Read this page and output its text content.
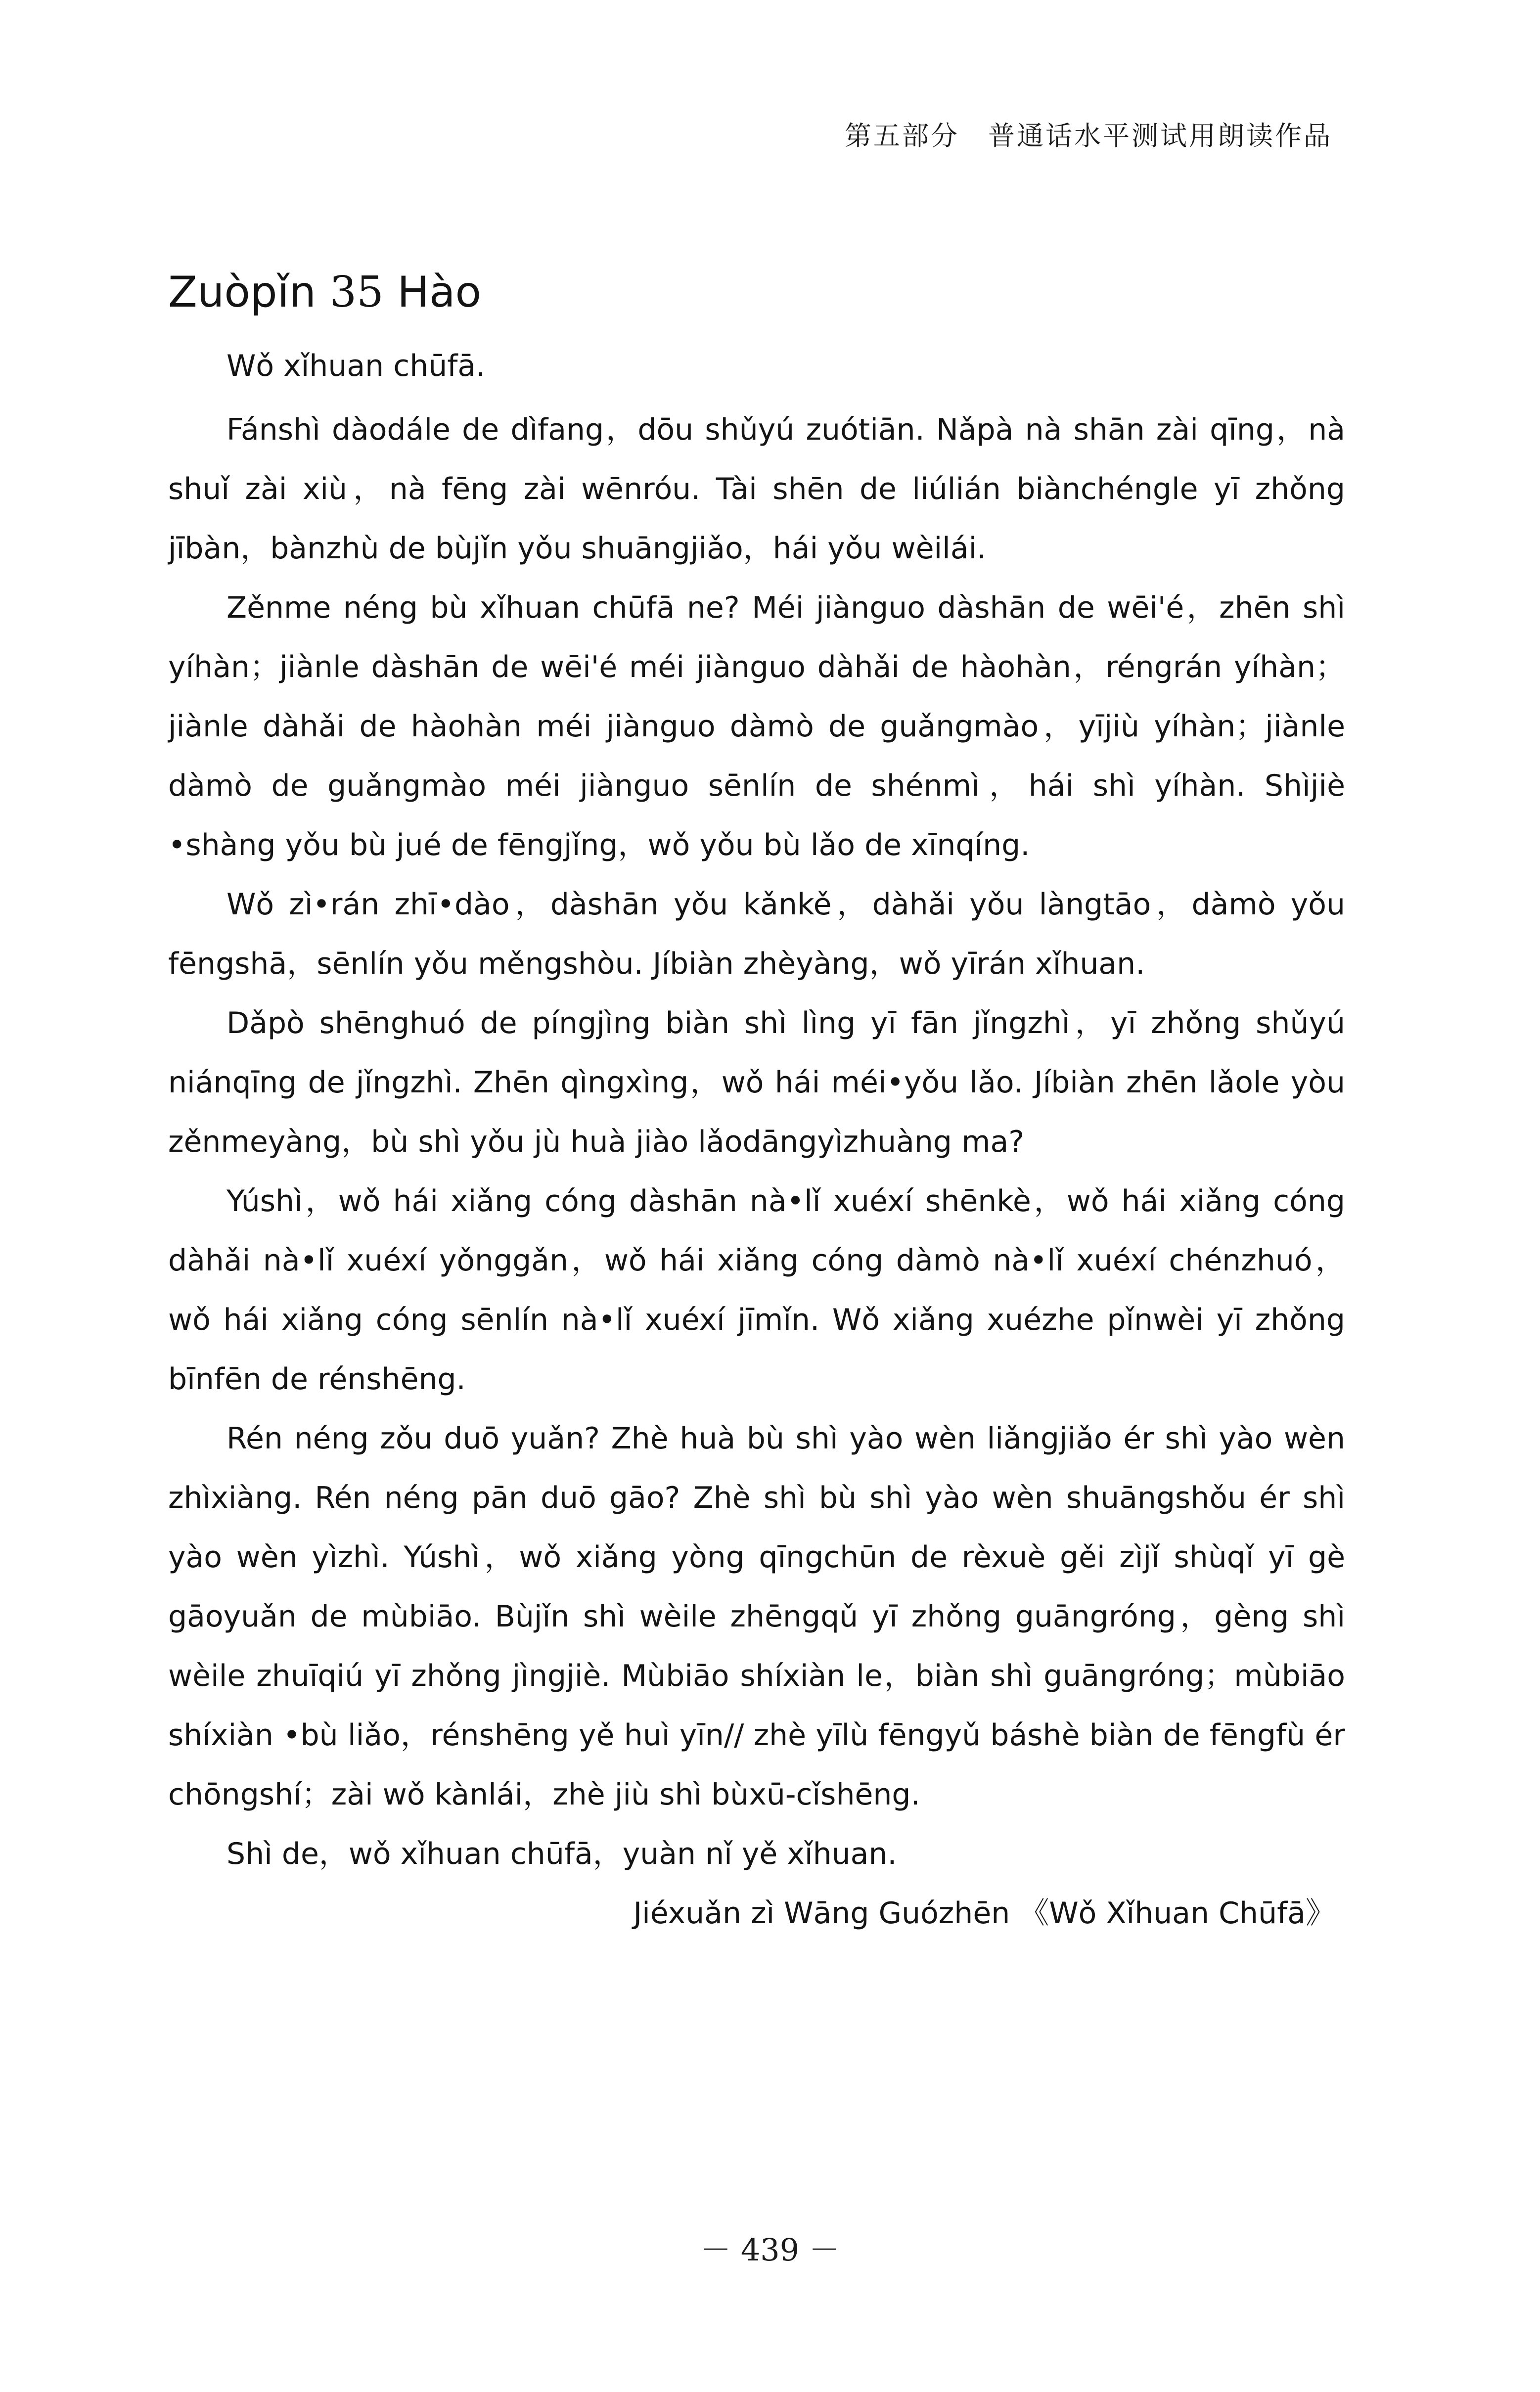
第五部分　普通话水平测试用朗读作品
Zuòpǐn 35 Hào

Wǒ xǐhuan chūfā.

Fánshì dàodále de dìfang，dōu shǔyú zuótiān. Nǎpà nà shān zài qīng，nà shuǐ zài xiù，nà fēng zài wēnróu. Tài shēn de liúlián biànchéngle yī zhǒng jībàn，bànzhù de bùjǐn yǒu shuāngjiǎo，hái yǒu wèilái.

Zěnme néng bù xǐhuan chūfā ne? Méi jiànguo dàshān de wēi'é，zhēn shì yíhàn；jiànle dàshān de wēi'é méi jiànguo dàhǎi de hàohàn，réngrán yíhàn；jiànle dàhǎi de hàohàn méi jiànguo dàmò de guǎngmào，yījiù yíhàn；jiànle dàmò de guǎngmào méi jiànguo sēnlín de shénmì，hái shì yíhàn. Shìjiè •shàng yǒu bù jué de fēngjǐng，wǒ yǒu bù lǎo de xīnqíng.

Wǒ zì•rán zhī•dào，dàshān yǒu kǎnkě，dàhǎi yǒu làngtāo，dàmò yǒu fēngshā，sēnlín yǒu měngshòu. Jíbiàn zhèyàng，wǒ yīrán xǐhuan.

Dǎpò shēnghuó de píngjìng biàn shì lìng yī fān jǐngzhì，yī zhǒng shǔyú niánqīng de jǐngzhì. Zhēn qìngxìng，wǒ hái méi•yǒu lǎo. Jíbiàn zhēn lǎole yòu zěnmeyàng，bù shì yǒu jù huà jiào lǎodāngyìzhuàng ma?

Yúshì，wǒ hái xiǎng cóng dàshān nà•lǐ xuéxí shēnkè，wǒ hái xiǎng cóng dàhǎi nà•lǐ xuéxí yǒnggǎn，wǒ hái xiǎng cóng dàmò nà•lǐ xuéxí chénzhuó，wǒ hái xiǎng cóng sēnlín nà•lǐ xuéxí jīmǐn. Wǒ xiǎng xuézhe pǐnwèi yī zhǒng bīnfēn de rénshēng.

Rén néng zǒu duō yuǎn? Zhè huà bù shì yào wèn liǎngjiǎo ér shì yào wèn zhìxiàng. Rén néng pān duō gāo? Zhè shì bù shì yào wèn shuāngshǒu ér shì yào wèn yìzhì. Yúshì，wǒ xiǎng yòng qīngchūn de rèxuè gěi zìjǐ shùqǐ yī gè gāoyuǎn de mùbiāo. Bùjǐn shì wèile zhēngqǔ yī zhǒng guāngróng，gèng shì wèile zhuīqiú yī zhǒng jìngjiè. Mùbiāo shíxiàn le，biàn shì guāngróng；mùbiāo shíxiàn •bù liǎo，rénshēng yě huì yīn// zhè yīlù fēngyǔ báshè biàn de fēngfù ér chōngshí；zài wǒ kànlái，zhè jiù shì bùxū-cǐshēng.

Shì de，wǒ xǐhuan chūfā，yuàn nǐ yě xǐhuan.

Jiéxuǎn zì Wāng Guózhēn 《Wǒ Xǐhuan Chūfā》

－ 439 －
